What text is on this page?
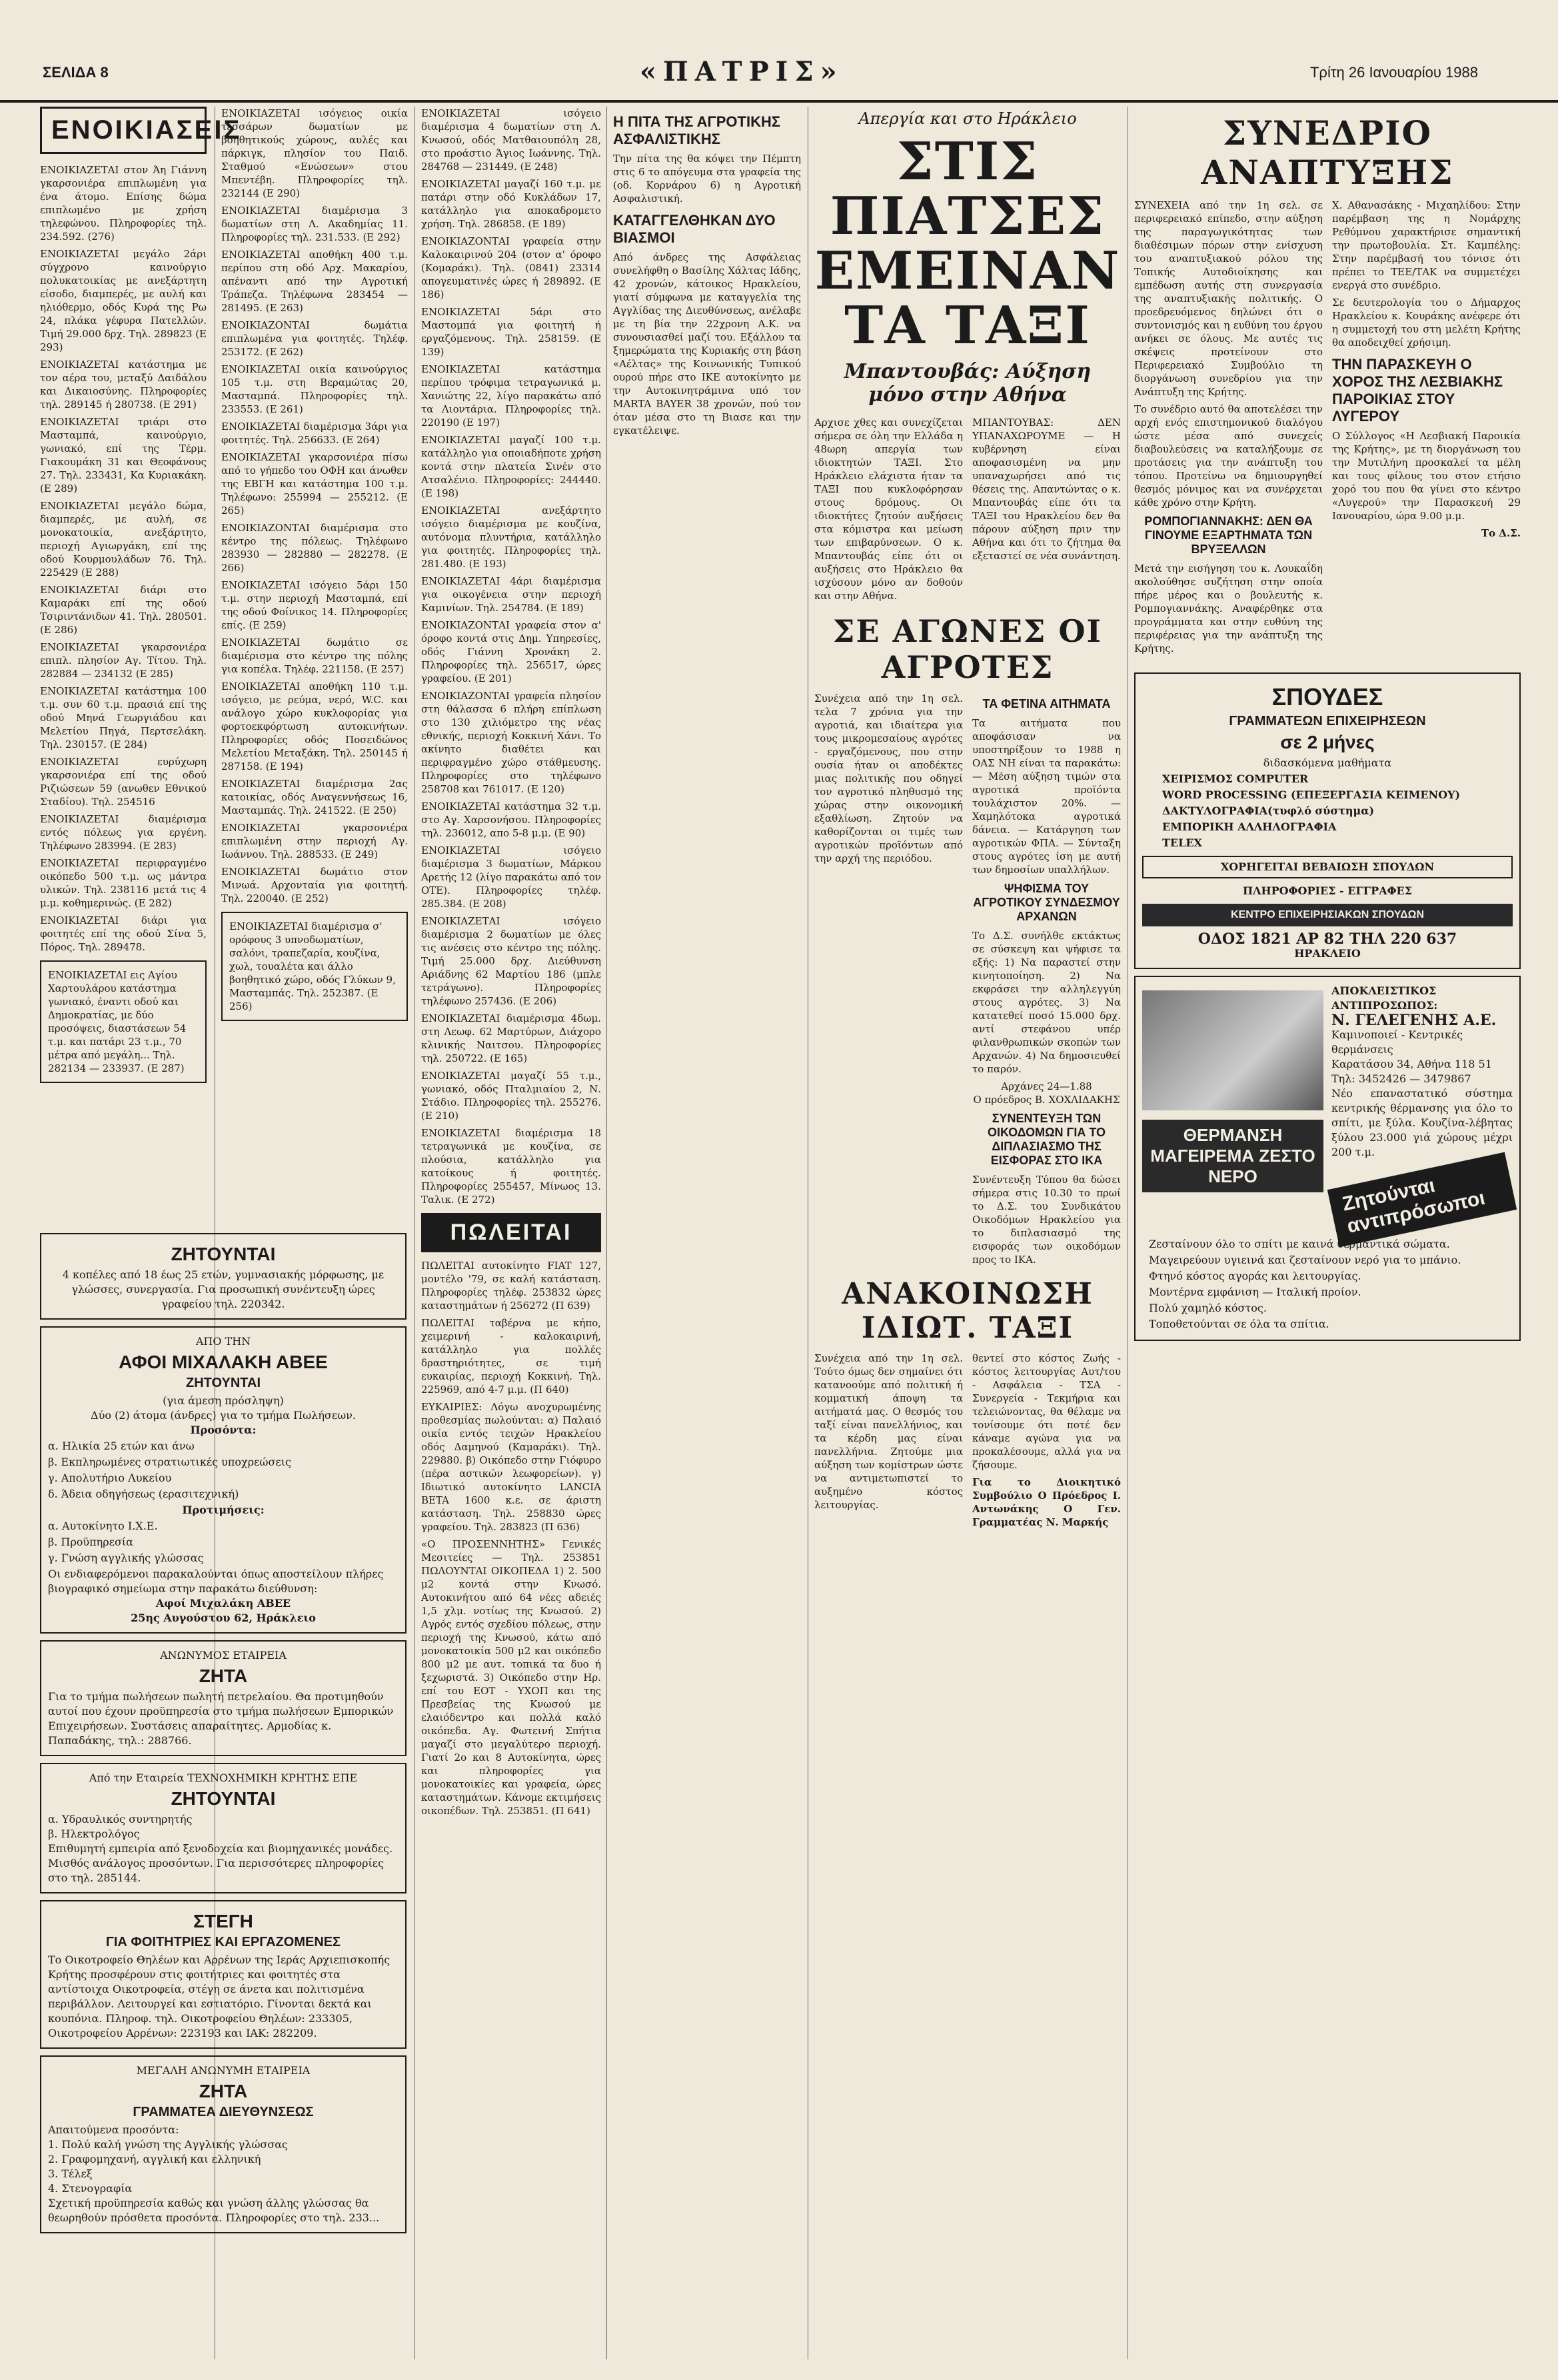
ΣΕΛΙΔΑ 8	«ΠΑΤΡΙΣ»	Τρίτη 26 Ιανουαρίου 1988
ΕΝΟΙΚΙΑΣΕΙΣ

ΕΝΟΙΚΙΑΖΕΤΑΙ στον Άη Γιάννη γκαρσονιέρα επιπλωμένη για ένα άτομο. Επίσης δώμα επιπλωμένο με χρήση τηλεφώνου. Πληροφορίες τηλ. 234.592. (276)

ΕΝΟΙΚΙΑΖΕΤΑΙ μεγάλο 2άρι σύγχρονο καινούργιο πολυκατοικίας με ανεξάρτητη είσοδο, διαμπερές, με αυλή και ηλιόθερμο, οδός Κυρά της Ρω 24, πλάκα γέφυρα Πατελλών. Τιμή 29.000 δρχ. Τηλ. 289823 (Ε 293)

ΕΝΟΙΚΙΑΖΕΤΑΙ κατάστημα με τον αέρα του, μεταξύ Δαιδάλου και Δικαιοσύνης. Πληροφορίες τηλ. 289145 ή 280738. (Ε 291)

ΕΝΟΙΚΙΑΖΕΤΑΙ τριάρι στο Μασταμπά, καινούργιο, γωνιακό, επί της Τέρμ. Γιακουμάκη 31 και Θεοφάνους 27. Τηλ. 233431, Κα Κυριακάκη. (Ε 289)

ΕΝΟΙΚΙΑΖΕΤΑΙ μεγάλο δώμα, διαμπερές, με αυλή, σε μονοκατοικία, ανεξάρτητο, περιοχή Αγιωργάκη, επί της οδού Κουρμουλάδων 76. Τηλ. 225429 (Ε 288)

ΕΝΟΙΚΙΑΖΕΤΑΙ διάρι στο Καμαράκι επί της οδού Τσιριντάνιδων 41. Τηλ. 280501. (Ε 286)

ΕΝΟΙΚΙΑΖΕΤΑΙ γκαρσονιέρα επιπλ. πλησίον Αγ. Τίτου. Τηλ. 282884 — 234132 (Ε 285)

ΕΝΟΙΚΙΑΖΕΤΑΙ κατάστημα 100 τ.μ. συν 60 τ.μ. πρασιά επί της οδού Μηνά Γεωργιάδου και Μελετίου Πηγά, Περτσελάκη. Τηλ. 230157. (Ε 284)

ΕΝΟΙΚΙΑΖΕΤΑΙ ευρύχωρη γκαρσονιέρα επί της οδού Ριζιώσεων 59 (ανωθεν Εθνικού Σταδίου). Τηλ. 254516

ΕΝΟΙΚΙΑΖΕΤΑΙ διαμέρισμα εντός πόλεως για εργένη. Τηλέφωνο 283994. (Ε 283)

ΕΝΟΙΚΙΑΖΕΤΑΙ περιφραγμένο οικόπεδο 500 τ.μ. ως μάντρα υλικών. Τηλ. 238116 μετά τις 4 μ.μ. κοθημερινώς. (Ε 282)

ΕΝΟΙΚΙΑΖΕΤΑΙ διάρι για φοιτητές επί της οδού Σίνα 5, Πόρος. Τηλ. 289478.

ΕΝΟΙΚΙΑΖΕΤΑΙ εις Αγίου Χαρτουλάρου κατάστημα γωνιακό, έναντι οδού και Δημοκρατίας, με δύο προσόψεις, διαστάσεων 54 τ.μ. και πατάρι 23 τ.μ., 70 μέτρα από μεγάλη... Τηλ. 282134 — 233937. (Ε 287)
ΖΗΤΟΥΝΤΑΙ
4 κοπέλες από 18 έως 25 ετών, γυμνασιακής μόρφωσης, με γλώσσες, συνεργασία. Για προσωπική συνέντευξη ώρες γραφείου τηλ. 220342.
ΑΠΟ ΤΗΝ
ΑΦΟΙ ΜΙΧΑΛΑΚΗ ΑΒΕΕ
ΖΗΤΟΥΝΤΑΙ
(για άμεση πρόσληψη)
Δύο (2) άτομα (άνδρες) για το τμήμα Πωλήσεων.
Προσόντα:
α. Ηλικία 25 ετών και άνω
β. Εκπληρωμένες στρατιωτικές υποχρεώσεις
γ. Απολυτήριο Λυκείου
δ. Άδεια οδηγήσεως (ερασιτεχνική)
Προτιμήσεις:
α. Αυτοκίνητο Ι.Χ.Ε.
β. Προϋπηρεσία
γ. Γνώση αγγλικής γλώσσας
Οι ενδιαφερόμενοι παρακαλούνται όπως αποστείλουν πλήρες βιογραφικό σημείωμα στην παρακάτω διεύθυνση:
Αφοί Μιχαλάκη ΑΒΕΕ
25ης Αυγούστου 62, Ηράκλειο
ΑΝΩΝΥΜΟΣ ΕΤΑΙΡΕΙΑ
ΖΗΤΑ
Για το τμήμα πωλήσεων πωλητή πετρελαίου. Θα προτιμηθούν αυτοί που έχουν προϋπηρεσία στο τμήμα πωλήσεων Εμπορικών Επιχειρήσεων. Συστάσεις απαραίτητες. Αρμοδίας κ. Παπαδάκης, τηλ.: 288766.
Από την Εταιρεία ΤΕΧΝΟΧΗΜΙΚΗ ΚΡΗΤΗΣ ΕΠΕ
ΖΗΤΟΥΝΤΑΙ
α. Υδραυλικός συντηρητής
β. Ηλεκτρολόγος
Επιθυμητή εμπειρία από ξενοδοχεία και βιομηχανικές μονάδες. Μισθός ανάλογος προσόντων. Για περισσότερες πληροφορίες στο τηλ. 285144.
ΣΤΕΓΗ
ΓΙΑ ΦΟΙΤΗΤΡΙΕΣ ΚΑΙ ΕΡΓΑΖΟΜΕΝΕΣ
Το Οικοτροφείο Θηλέων και Αρρένων της Ιεράς Αρχιεπισκοπής Κρήτης προσφέρουν στις φοιτήτριες και φοιτητές στα αντίστοιχα Οικοτροφεία, στέγη σε άνετα και πολιτισμένα περιβάλλον. Λειτουργεί και εστιατόριο. Γίνονται δεκτά και κουπόνια. Πληροφ. τηλ. Οικοτροφείου Θηλέων: 233305, Οικοτροφείου Αρρένων: 223193 και ΙΑΚ: 282209.
ΜΕΓΑΛΗ ΑΝΩΝΥΜΗ ΕΤΑΙΡΕΙΑ
ΖΗΤΑ
ΓΡΑΜΜΑΤΕΑ ΔΙΕΥΘΥΝΣΕΩΣ
Απαιτούμενα προσόντα:
1. Πολύ καλή γνώση της Αγγλικής γλώσσας
2. Γραφομηχανή, αγγλική και ελληνική
3. Τέλεξ
4. Στενογραφία
Σχετική προϋπηρεσία καθώς και γνώση άλλης γλώσσας θα θεωρηθούν πρόσθετα προσόντα. Πληροφορίες στο τηλ. 233...

ΕΝΟΙΚΙΑΖΕΤΑΙ ισόγειος οικία τεσσάρων δωματίων με βοηθητικούς χώρους, αυλές και πάρκιγκ, πλησίον του Παιδ. Σταθμού «Ενώσεων» στου Μπεντέβη. Πληροφορίες τηλ. 232144 (Ε 290)

ΕΝΟΙΚΙΑΖΕΤΑΙ διαμέρισμα 3 δωματίων στη Λ. Ακαδημίας 11. Πληροφορίες τηλ. 231.533. (Ε 292)

ΕΝΟΙΚΙΑΖΕΤΑΙ αποθήκη 400 τ.μ. περίπου στη οδό Αρχ. Μακαρίου, απέναντι από την Αγροτική Τράπεζα. Τηλέφωνα 283454 — 281495. (Ε 263)

ΕΝΟΙΚΙΑΖΟΝΤΑΙ δωμάτια επιπλωμένα για φοιτητές. Τηλέφ. 253172. (Ε 262)

ΕΝΟΙΚΙΑΖΕΤΑΙ οικία καινούργιος 105 τ.μ. στη Βεραμώτας 20, Μασταμπά. Πληροφορίες τηλ. 233553. (Ε 261)

ΕΝΟΙΚΙΑΖΕΤΑΙ διαμέρισμα 3άρι για φοιτητές. Τηλ. 256633. (Ε 264)

ΕΝΟΙΚΙΑΖΕΤΑΙ γκαρσονιέρα πίσω από το γήπεδο του ΟΦΗ και άνωθεν της ΕΒΓΗ και κατάστημα 100 τ.μ. Τηλέφωνο: 255994 — 255212. (Ε 265)

ΕΝΟΙΚΙΑΖΟΝΤΑΙ διαμέρισμα στο κέντρο της πόλεως. Τηλέφωνο 283930 — 282880 — 282278. (Ε 266)

ΕΝΟΙΚΙΑΖΕΤΑΙ ισόγειο 5άρι 150 τ.μ. στην περιοχή Μασταμπά, επί της οδού Φοίνικος 14. Πληροφορίες επίς. (Ε 259)

ΕΝΟΙΚΙΑΖΕΤΑΙ δωμάτιο σε διαμέρισμα στο κέντρο της πόλης για κοπέλα. Τηλέφ. 221158. (Ε 257)

ΕΝΟΙΚΙΑΖΕΤΑΙ αποθήκη 110 τ.μ. ισόγειο, με ρεύμα, νερό, W.C. και ανάλογο χώρο κυκλοφορίας για φορτοεκφόρτωση αυτοκινήτων. Πληροφορίες οδός Ποσειδώνος Μελετίου Μεταξάκη. Τηλ. 250145 ή 287158. (Ε 194)

ΕΝΟΙΚΙΑΖΕΤΑΙ διαμέρισμα 2ας κατοικίας, οδός Αναγεννήσεως 16, Μασταμπάς. Τηλ. 241522. (Ε 250)

ΕΝΟΙΚΙΑΖΕΤΑΙ γκαρσονιέρα επιπλωμένη στην περιοχή Αγ. Ιωάννου. Τηλ. 288533. (Ε 249)

ΕΝΟΙΚΙΑΖΕΤΑΙ δωμάτιο στον Μινωά. Αρχονταία για φοιτητή. Τηλ. 220040. (Ε 252)

ΕΝΟΙΚΙΑΖΕΤΑΙ διαμέρισμα σ' ορόφους 3 υπνοδωματίων, σαλόνι, τραπεζαρία, κουζίνα, χωλ, τουαλέτα και άλλο βοηθητικό χώρο, οδός Γλύκων 9, Μασταμπάς. Τηλ. 252387. (Ε 256)

ΕΝΟΙΚΙΑΖΕΤΑΙ ισόγειο διαμέρισμα 4 δωματίων στη Λ. Κνωσού, οδός Ματθαιουπόλη 28, στο προάστιο Άγιος Ιωάννης. Τηλ. 284768 — 231449. (Ε 248)

ΕΝΟΙΚΙΑΖΕΤΑΙ μαγαζί 160 τ.μ. με πατάρι στην οδό Κυκλάδων 17, κατάλληλο για αποκαδρομετο χρήση. Τηλ. 286858. (Ε 189)

ΕΝΟΙΚΙΑΖΟΝΤΑΙ γραφεία στην Καλοκαιρινού 204 (στον α' όροφο (Κομαράκι). Τηλ. (0841) 23314 απογευματινές ώρες ή 289892. (Ε 186)

ΕΝΟΙΚΙΑΖΕΤΑΙ 5άρι στο Μαστομπά για φοιτητή ή εργαζόμενους. Τηλ. 258159. (Ε 139)

ΕΝΟΙΚΙΑΖΕΤΑΙ κατάστημα περίπου τρόφιμα τετραγωνικά μ. Χανιώτης 22, λίγο παρακάτω από τα Λιοντάρια. Πληροφορίες τηλ. 220190 (Ε 197)

ΕΝΟΙΚΙΑΖΕΤΑΙ μαγαζί 100 τ.μ. κατάλληλο για οποιαδήποτε χρήση κοντά στην πλατεία Σινέν στο Ατσαλένιο. Πληροφορίες: 244440. (Ε 198)

ΕΝΟΙΚΙΑΖΕΤΑΙ ανεξάρτητο ισόγειο διαμέρισμα με κουζίνα, αυτόνομα πλυντήρια, κατάλληλο για φοιτητές. Πληροφορίες τηλ. 281.480. (Ε 193)

ΕΝΟΙΚΙΑΖΕΤΑΙ 4άρι διαμέρισμα για οικογένεια στην περιοχή Καμινίων. Τηλ. 254784. (Ε 189)

ΕΝΟΙΚΙΑΖΟΝΤΑΙ γραφεία στον α' όροφο κοντά στις Δημ. Υπηρεσίες, οδός Γιάννη Χρονάκη 2. Πληροφορίες τηλ. 256517, ώρες γραφείου. (Ε 201)

ΕΝΟΙΚΙΑΖΟΝΤΑΙ γραφεία πλησίον στη θάλασσα 6 πλήρη επίπλωση στο 130 χιλιόμετρο της νέας εθνικής, περιοχή Κοκκινή Χάνι. Το ακίνητο διαθέτει και περιφραγμένο χώρο στάθμευσης. Πληροφορίες στο τηλέφωνο 258708 και 761017. (Ε 120)

ΕΝΟΙΚΙΑΖΕΤΑΙ κατάστημα 32 τ.μ. στο Αγ. Χαρσονήσου. Πληροφορίες τηλ. 236012, απο 5-8 μ.μ. (Ε 90)

ΕΝΟΙΚΙΑΖΕΤΑΙ ισόγειο διαμέρισμα 3 δωματίων, Μάρκου Αρετής 12 (λίγο παρακάτω από τον ΟΤΕ). Πληροφορίες τηλέφ. 285.384. (Ε 208)

ΕΝΟΙΚΙΑΖΕΤΑΙ ισόγειο διαμέρισμα 2 δωματίων με όλες τις ανέσεις στο κέντρο της πόλης. Τιμή 25.000 δρχ. Διεύθυνση Αριάδνης 62 Μαρτίου 186 (μπλε τετράγωνο). Πληροφορίες τηλέφωνο 257436. (Ε 206)

ΕΝΟΙΚΙΑΖΕΤΑΙ διαμέρισμα 4δωμ. στη Λεωφ. 62 Μαρτύρων, Διάχορο κλινικής Ναιτσου. Πληροφορίες τηλ. 250722. (Ε 165)

ΕΝΟΙΚΙΑΖΕΤΑΙ μαγαζί 55 τ.μ., γωνιακό, οδός Πταλμιαίου 2, Ν. Στάδιο. Πληροφορίες τηλ. 255276. (Ε 210)

ΕΝΟΙΚΙΑΖΕΤΑΙ διαμέρισμα 18 τετραγωνικά με κουζίνα, σε πλούσια, κατάλληλο για κατοίκους ή φοιτητές. Πληροφορίες 255457, Μίνωος 13. Ταλικ. (Ε 272)

ΠΩΛΕΙΤΑΙ

ΠΩΛΕΙΤΑΙ αυτοκίνητο FIAT 127, μοντέλο '79, σε καλή κατάσταση. Πληροφορίες τηλέφ. 253832 ώρες καταστημάτων ή 256272 (Π 639)

ΠΩΛΕΙΤΑΙ ταβέρνα με κήπο, χειμερινή - καλοκαιρινή, κατάλληλο για πολλές δραστηριότητες, σε τιμή ευκαιρίας, περιοχή Κοκκινή. Τηλ. 225969, από 4-7 μ.μ. (Π 640)

ΕΥΚΑΙΡΙΕΣ: Λόγω ανοχυρωμένης προθεσμίας πωλούνται: α) Παλαιό οικία εντός τειχών Ηρακλείου οδός Δαμηνού (Καμαράκι). Τηλ. 229880. β) Οικόπεδο στην Γιόφυρο (πέρα αστικών λεωφορείων). γ) Ιδιωτικό αυτοκίνητο LANCIA BETA 1600 κ.ε. σε άριστη κατάσταση. Τηλ. 258830 ώρες γραφείου. Τηλ. 283823 (Π 636)

«Ο ΠΡΟΣΕΝΝΗΤΗΣ» Γενικές Μεσιτείες — Τηλ. 253851 ΠΩΛΟΥΝΤΑΙ ΟΙΚΟΠΕΔΑ 1) 2. 500 μ2 κοντά στην Κνωσό. Αυτοκινήτου από 64 νέες αδειές 1,5 χλμ. νοτίως της Κνωσού. 2) Αγρός εντός σχεδίου πόλεως, στην περιοχή της Κνωσού, κάτω από μονοκατοικία 500 μ2 και οικόπεδο 800 μ2 με αυτ. τοπικά τα δυο ή ξεχωριστά. 3) Οικόπεδο στην Ηρ. επί του ΕΟΤ - ΥΧΟΠ και της Πρεσβείας της Κνωσού με ελαιόδεντρο και πολλά καλό οικόπεδα. Αγ. Φωτεινή Σπήτια μαγαζί στο μεγαλύτερο περιοχή. Γιατί 2ο και 8 Αυτοκίνητα, ώρες και πληροφορίες για μονοκατοικίες και γραφεία, ώρες καταστημάτων. Κάνομε εκτιμήσεις οικοπέδων. Τηλ. 253851. (Π 641)

Η ΠΙΤΑ ΤΗΣ ΑΓΡΟΤΙΚΗΣ ΑΣΦΑΛΙΣΤΙΚΗΣ

Την πίτα της θα κόψει την Πέμπτη στις 6 το απόγευμα στα γραφεία της (οδ. Κορνάρου 6) η Αγροτική Ασφαλιστική.

ΚΑΤΑΓΓΕΛΘΗΚΑΝ ΔΥΟ ΒΙΑΣΜΟΙ

Από άνδρες της Ασφάλειας συνελήφθη ο Βασίλης Χάλτας Ιάδης, 42 χρονών, κάτοικος Ηρακλείου, γιατί σύμφωνα με καταγγελία της Αγγλίδας της Διευθύνσεως, ανέλαβε με τη βία την 22χρονη Α.Κ. να συνουσιασθεί μαζί του. Εξάλλου τα ξημερώματα της Κυριακής στη βάση «Αέλτας» της Κοινωνικής Τυπικού ουρού πήρε στο ΙΚΕ αυτοκίνητο με την Αυτοκινητράμινα υπό τον MARTA BAYER 38 χρονών, πού τον όταν μέσα στο τη Βιασε και την εγκατέλειψε.

Απεργία και στο Ηράκλειο
ΣΤΙΣ ΠΙΑΤΣΕΣ ΕΜΕΙΝΑΝ ΤΑ ΤΑΞΙ
Μπαντουβάς: Αύξηση μόνο στην Αθήνα

Αρχισε χθες και συνεχίζεται σήμερα σε όλη την Ελλάδα η 48ωρη απεργία των ιδιοκτητών ΤΑΞΙ. Στο Ηράκλειο ελάχιστα ήταν τα ΤΑΞΙ που κυκλοφόρησαν στους δρόμους. Οι ιδιοκτήτες ζητούν αυξήσεις στα κόμιστρα και μείωση των επιβαρύνσεων. Ο κ. Μπαντουβάς είπε ότι οι αυξήσεις στο Ηράκλειο θα ισχύσουν μόνο αν δοθούν και στην Αθήνα.

ΜΠΑΝΤΟΥΒΑΣ: ΔΕΝ ΥΠΑΝΑΧΩΡΟΥΜΕ — Η κυβέρνηση είναι αποφασισμένη να μην υπαναχωρήσει από τις θέσεις της. Απαντώντας ο κ. Μπαντουβάς είπε ότι τα ΤΑΞΙ του Ηρακλείου δεν θα πάρουν αύξηση πριν την Αθήνα και ότι το ζήτημα θα εξεταστεί σε νέα συνάντηση.

ΣΕ ΑΓΩΝΕΣ ΟΙ ΑΓΡΟΤΕΣ

Συνέχεια από την 1η σελ. τελα 7 χρόνια για την αγροτιά, και ιδιαίτερα για τους μικρομεσαίους αγρότες - εργαζόμενους, που στην ουσία ήταν οι αποδέκτες μιας πολιτικής που οδηγεί τον αγροτικό πληθυσμό της χώρας στην οικονομική εξαθλίωση. Ζητούν να καθορίζονται οι τιμές των αγροτικών προϊόντων από την αρχή της περιόδου.

ΤΑ ΦΕΤΙΝΑ ΑΙΤΗΜΑΤΑ

Τα αιτήματα που αποφάσισαν να υποστηρίξουν το 1988 η ΟΑΣ ΝΗ είναι τα παρακάτω: — Μέση αύξηση τιμών στα αγροτικά προϊόντα τουλάχιστον 20%. — Χαμηλότοκα αγροτικά δάνεια. — Κατάργηση των αγροτικών ΦΠΑ. — Σύνταξη στους αγρότες ίση με αυτή των δημοσίων υπαλλήλων.

ΨΗΦΙΣΜΑ ΤΟΥ ΑΓΡΟΤΙΚΟΥ ΣΥΝΔΕΣΜΟΥ ΑΡΧΑΝΩΝ

Το Δ.Σ. συνήλθε εκτάκτως σε σύσκεψη και ψήφισε τα εξής: 1) Να παραστεί στην κινητοποίηση. 2) Να εκφράσει την αλληλεγγύη στους αγρότες. 3) Να κατατεθεί ποσό 15.000 δρχ. αντί στεφάνου υπέρ φιλανθρωπικών σκοπών των Αρχανών. 4) Να δημοσιευθεί το παρόν.

Αρχάνες 24—1.88
Ο πρόεδρος Β. ΧΟΧΛΙΔΑΚΗΣ
ΣΥΝΕΝΤΕΥΞΗ ΤΩΝ ΟΙΚΟΔΟΜΩΝ ΓΙΑ ΤΟ ΔΙΠΛΑΣΙΑΣΜΟ ΤΗΣ ΕΙΣΦΟΡΑΣ ΣΤΟ ΙΚΑ

Συνέντευξη Τύπου θα δώσει σήμερα στις 10.30 το πρωί το Δ.Σ. του Συνδικάτου Οικοδόμων Ηρακλείου για το διπλασιασμό της εισφοράς των οικοδόμων προς το ΙΚΑ.

ΑΝΑΚΟΙΝΩΣΗ ΙΔΙΩΤ. ΤΑΞΙ

Συνέχεια από την 1η σελ. Τούτο όμως δεν σημαίνει ότι κατανοούμε από πολιτική ή κομματική άποψη τα αιτήματά μας. Ο θεσμός του ταξί είναι πανελλήνιος, και τα κέρδη μας είναι πανελλήνια. Ζητούμε μια αύξηση των κομίστρων ώστε να αντιμετωπιστεί το αυξημένο κόστος λειτουργίας.

θεντεί στο κόστος Ζωής - κόστος λειτουργίας Αυτ/του - Ασφάλεια - ΤΣΑ - Συνεργεία - Τεκμήρια και τελειώνοντας, θα θέλαμε να τονίσουμε ότι ποτέ δεν κάναμε αγώνα για να προκαλέσουμε, αλλά για να ζήσουμε.

Για το Διοικητικό Συμβούλιο Ο Πρόεδρος Ι. Αντωνάκης Ο Γεν. Γραμματέας Ν. Μαρκής

ΣΥΝΕΔΡΙΟ ΑΝΑΠΤΥΞΗΣ

ΣΥΝΕΧΕΙΑ από την 1η σελ. σε περιφερειακό επίπεδο, στην αύξηση της παραγωγικότητας των διαθέσιμων πόρων στην ενίσχυση του αναπτυξιακού ρόλου της Τοπικής Αυτοδιοίκησης και εμπέδωση αυτής στη συνεργασία της αναπτυξιακής πολιτικής. Ο προεδρευόμενος δηλώνει ότι ο συντονισμός και η ευθύνη του έργου ανήκει σε όλους. Με αυτές τις σκέψεις προτείνουν στο Περιφερειακό Συμβούλιο τη διοργάνωση συνεδρίου για την Ανάπτυξη της Κρήτης.

Το συνέδριο αυτό θα αποτελέσει την αρχή ενός επιστημονικού διαλόγου ώστε μέσα από συνεχείς διαβουλεύσεις να καταλήξουμε σε προτάσεις για την ανάπτυξη του τόπου. Προτείνω να δημιουργηθεί θεσμός μόνιμος και να συνέρχεται κάθε χρόνο στην Κρήτη.

ΡΟΜΠΟΓΙΑΝΝΑΚΗΣ: ΔΕΝ ΘΑ ΓΙΝΟΥΜΕ ΕΞΑΡΤΗΜΑΤΑ ΤΩΝ ΒΡΥΞΕΛΛΩΝ

Μετά την εισήγηση του κ. Λουκαΐδη ακολούθησε συζήτηση στην οποία πήρε μέρος και ο βουλευτής κ. Ρομπογιαννάκης. Αναφέρθηκε στα προγράμματα και στην ευθύνη της περιφέρειας για την ανάπτυξη της Κρήτης.

Χ. Αθανασάκης - Μιχαηλίδου: Στην παρέμβαση της η Νομάρχης Ρεθύμνου χαρακτήρισε σημαντική την πρωτοβουλία. Στ. Καμπέλης: Στην παρέμβασή του τόνισε ότι πρέπει το ΤΕΕ/ΤΑΚ να συμμετέχει ενεργά στο συνέδριο.

Σε δευτερολογία του ο Δήμαρχος Ηρακλείου κ. Κουράκης ανέφερε ότι η συμμετοχή του στη μελέτη Κρήτης θα αποδειχθεί χρήσιμη.

ΤΗΝ ΠΑΡΑΣΚΕΥΗ Ο ΧΟΡΟΣ ΤΗΣ ΛΕΣΒΙΑΚΗΣ ΠΑΡΟΙΚΙΑΣ ΣΤΟΥ ΛΥΓΕΡΟΥ

Ο Σύλλογος «Η Λεσβιακή Παροικία της Κρήτης», με τη διοργάνωση του την Μυτιλήνη προσκαλεί τα μέλη και τους φίλους του στον ετήσιο χορό του που θα γίνει στο κέντρο «Λυγερού» την Παρασκευή 29 Ιανουαρίου, ώρα 9.00 μ.μ.

Το Δ.Σ.
ΣΠΟΥΔΕΣ
ΓΡΑΜΜΑΤΕΩΝ ΕΠΙΧΕΙΡΗΣΕΩΝ
σε 2 μήνες
διδασκόμενα μαθήματα
ΧΕΙΡΙΣΜΟΣ COMPUTER
WORD PROCESSING (ΕΠΕΞΕΡΓΑΣΙΑ ΚΕΙΜΕΝΟΥ)
ΔΑΚΤΥΛΟΓΡΑΦΙΑ(τυφλό σύστημα)
ΕΜΠΟΡΙΚΗ ΑΛΛΗΛΟΓΡΑΦΙΑ
TELEX
ΧΟΡΗΓΕΙΤΑΙ ΒΕΒΑΙΩΣΗ ΣΠΟΥΔΩΝ
ΠΛΗΡΟΦΟΡΙΕΣ - ΕΓΓΡΑΦΕΣ
ΚΕΝΤΡΟ ΕΠΙΧΕΙΡΗΣΙΑΚΩΝ ΣΠΟΥΔΩΝ
ΟΔΟΣ 1821 ΑΡ 82 ΤΗΛ 220 637
ΗΡΑΚΛΕΙΟ
ΘΕΡΜΑΝΣΗ ΜΑΓΕΙΡΕΜΑ ΖΕΣΤΟ ΝΕΡΟ
ΑΠΟΚΛΕΙΣΤΙΚΟΣ ΑΝΤΙΠΡΟΣΩΠΟΣ:
Ν. ΓΕΛΕΓΕΝΗΣ Α.Ε.
Καμινοποιεί - Κεντρικές θερμάνσεις
Καρατάσου 34, Αθήνα 118 51
Τηλ: 3452426 — 3479867

Νέο επαναστατικό σύστημα κεντρικής θέρμανσης για όλο το σπίτι, με ξύλα. Κουζίνα-λέβητας ξύλου 23.000 γιά χώρους μέχρι 200 τ.μ.

Ζητούνται αντιπρόσωποι
Ζεσταίνουν όλο το σπίτι με καινά θερμαντικά σώματα.
Μαγειρεύουν υγιεινά και ζεσταίνουν νερό για το μπάνιο.
Φτηνό κόστος αγοράς και λειτουργίας.
Μοντέρνα εμφάνιση — Ιταλική προίον.
Πολύ χαμηλό κόστος.
Τοποθετούνται σε όλα τα σπίτια.
